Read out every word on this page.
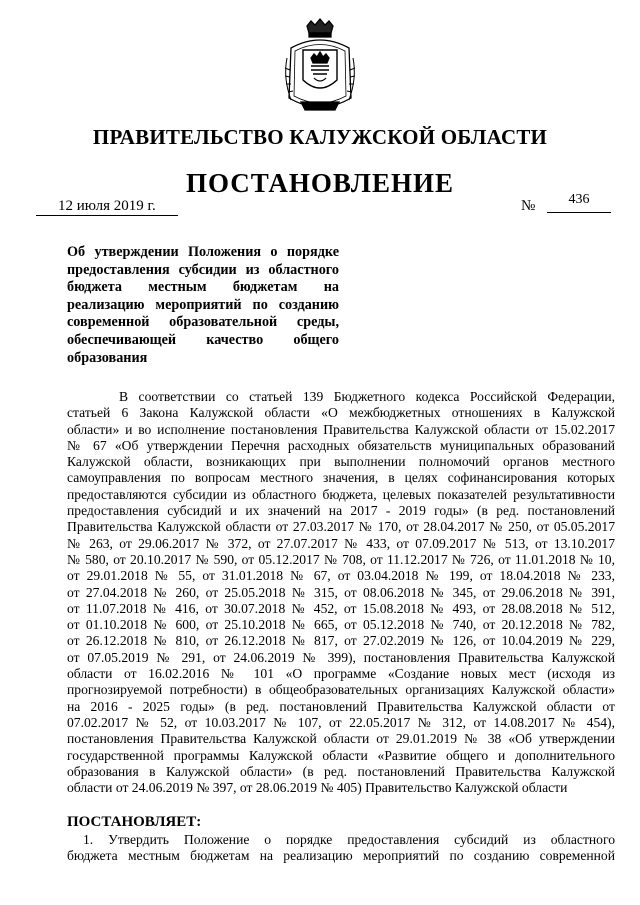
ПРАВИТЕЛЬСТВО КАЛУЖСКОЙ ОБЛАСТИ
ПОСТАНОВЛЕНИЕ
12 июля 2019 г.	№	436
Об утверждении Положения о порядке
предоставления субсидии из областного
бюджета местным бюджетам на
реализацию мероприятий по созданию
современной образовательной среды,
обеспечивающей качество общего
образования
В соответствии со статьей 139 Бюджетного кодекса Российской Федерации,
статьей 6 Закона Калужской области «О межбюджетных отношениях в Калужской
области» и во исполнение постановления Правительства Калужской области от 15.02.2017
№ 67 «Об утверждении Перечня расходных обязательств муниципальных образований
Калужской области, возникающих при выполнении полномочий органов местного
самоуправления по вопросам местного значения, в целях софинансирования которых
предоставляются субсидии из областного бюджета, целевых показателей результативности
предоставления субсидий и их значений на 2017 - 2019 годы» (в ред. постановлений
Правительства Калужской области от 27.03.2017 № 170, от 28.04.2017 № 250, от 05.05.2017
№ 263, от 29.06.2017 № 372, от 27.07.2017 № 433, от 07.09.2017 № 513, от 13.10.2017
№ 580, от 20.10.2017 № 590, от 05.12.2017 № 708, от 11.12.2017 № 726, от 11.01.2018 № 10,
от 29.01.2018 № 55, от 31.01.2018 № 67, от 03.04.2018 № 199, от 18.04.2018 № 233,
от 27.04.2018 № 260, от 25.05.2018 № 315, от 08.06.2018 № 345, от 29.06.2018 № 391,
от 11.07.2018 № 416, от 30.07.2018 № 452, от 15.08.2018 № 493, от 28.08.2018 № 512,
от 01.10.2018 № 600, от 25.10.2018 № 665, от 05.12.2018 № 740, от 20.12.2018 № 782,
от 26.12.2018 № 810, от 26.12.2018 № 817, от 27.02.2019 № 126, от 10.04.2019 № 229,
от 07.05.2019 № 291, от 24.06.2019 № 399), постановления Правительства Калужской
области от 16.02.2016 № 101 «О программе «Создание новых мест (исходя из
прогнозируемой потребности) в общеобразовательных организациях Калужской области»
на 2016 - 2025 годы» (в ред. постановлений Правительства Калужской области от
07.02.2017 № 52, от 10.03.2017 № 107, от 22.05.2017 № 312, от 14.08.2017 № 454),
постановления Правительства Калужской области от 29.01.2019 № 38 «Об утверждении
государственной программы Калужской области «Развитие общего и дополнительного
образования в Калужской области» (в ред. постановлений Правительства Калужской
области от 24.06.2019 № 397, от 28.06.2019 № 405) Правительство Калужской области
ПОСТАНОВЛЯЕТ:
1. Утвердить Положение о порядке предоставления субсидий из областного
бюджета местным бюджетам на реализацию мероприятий по созданию современной
